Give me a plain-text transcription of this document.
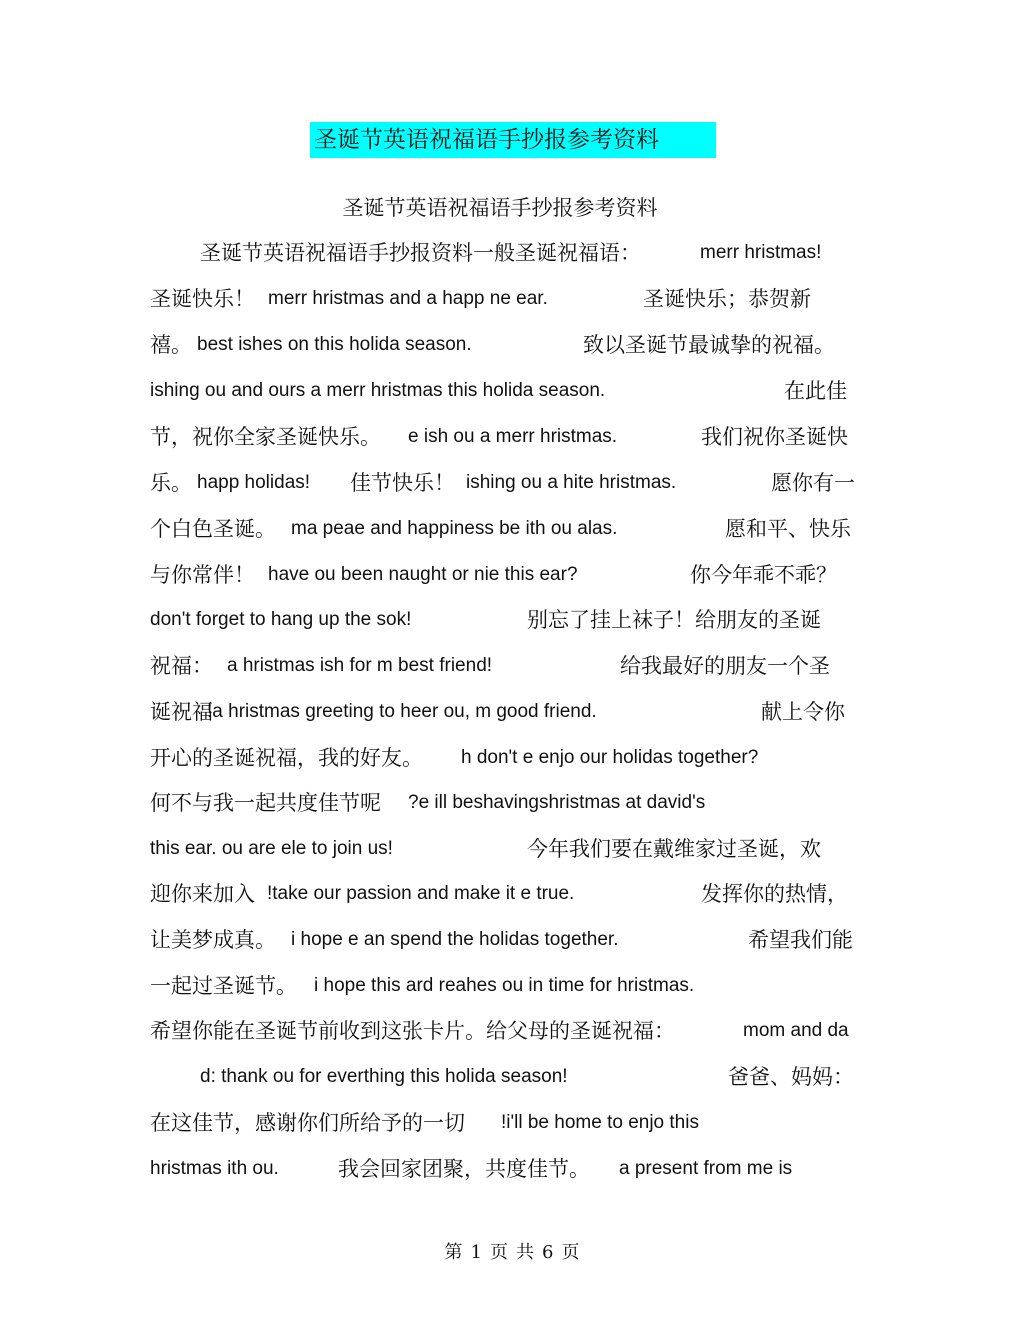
圣诞节英语祝福语手抄报参考资料
圣诞节英语祝福语手抄报参考资料
圣诞节英语祝福语手抄报资料一般圣诞祝福语：	merr hristmas!
圣诞快乐！ merr hristmas and a happ ne ear.	圣诞快乐；恭贺新
禧。 best ishes on this holida season.	致以圣诞节最诚挚的祝福。
ishing ou and ours a merr hristmas this holida season.	在此佳
节，祝你全家圣诞快乐。 e ish ou a merr hristmas.	我们祝你圣诞快
乐。 happ holidas! 佳节快乐！ ishing ou a hite hristmas.	愿你有一
个白色圣诞。 ma peae and happiness be ith ou alas.	愿和平、快乐
与你常伴！ have ou been naught or nie this ear?	你今年乖不乖？
don't forget to hang up the sok!	别忘了挂上袜子！给朋友的圣诞
祝福： a hristmas ish for m best friend!	给我最好的朋友一个圣
诞祝福
!a hristmas greeting to heer ou, m good friend.	献上令你
开心的圣诞祝福，我的好友。 h don't e enjo our holidas together?
何不与我一起共度佳节呢 ?e ill beshavingshristmas at david's
this ear. ou are ele to join us!	今年我们要在戴维家过圣诞，欢
迎你来加入 !take our passion and make it e true.	发挥你的热情，
让美梦成真。 i hope e an spend the holidas together.	希望我们能
一起过圣诞节。 i hope this ard reahes ou in time for hristmas.
希望你能在圣诞节前收到这张卡片。给父母的圣诞祝福：	mom and da
d: thank ou for everthing this holida season!	爸爸、妈妈：
在这佳节，感谢你们所给予的一切 !i'll be home to enjo this
hristmas ith ou.	我会回家团聚，共度佳节。 a present from me is
第 1 页 共 6 页
